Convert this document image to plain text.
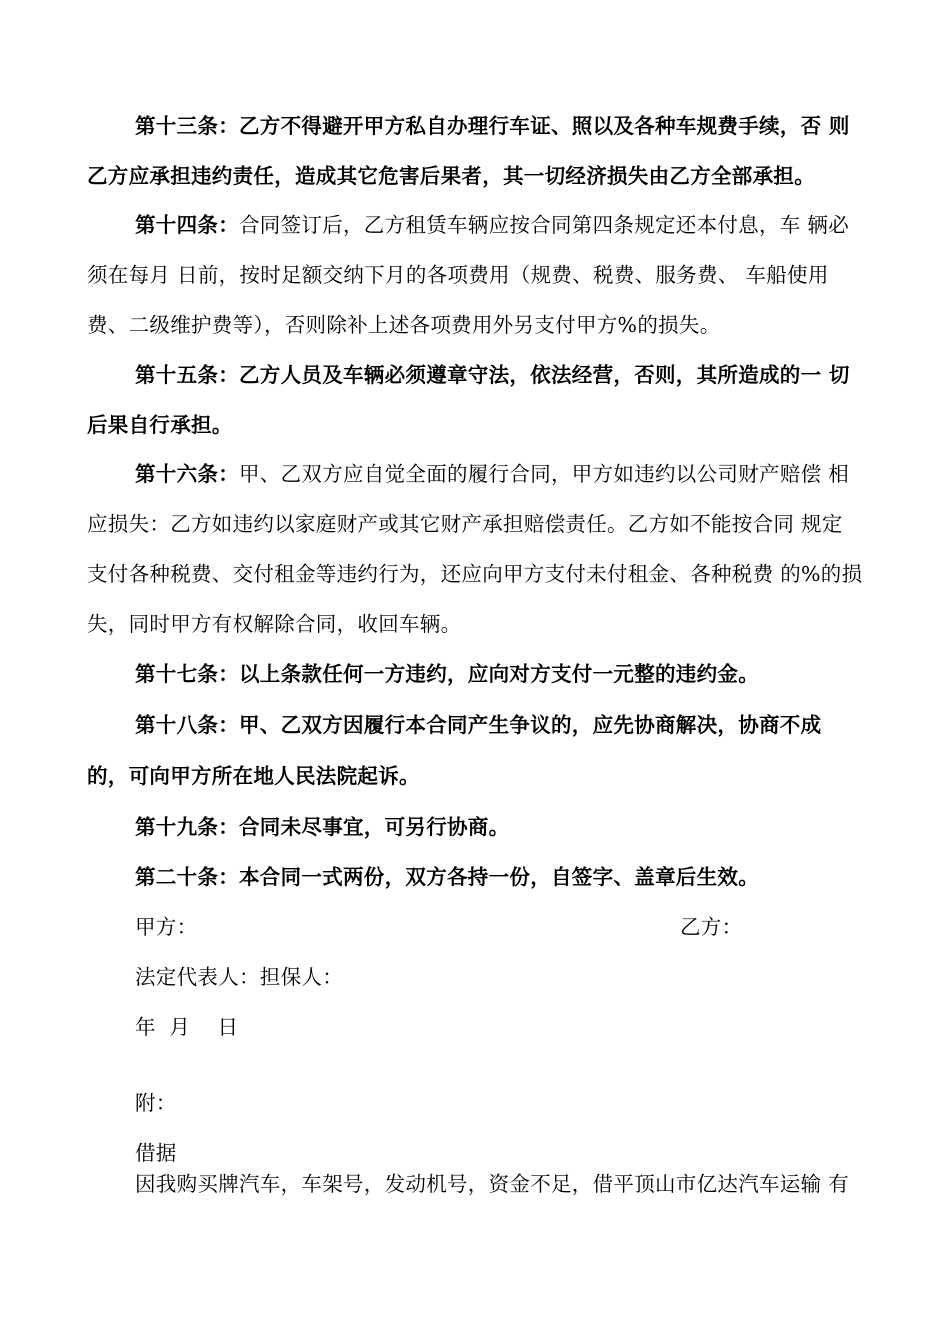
第十三条：乙方不得避开甲方私自办理行车证、照以及各种车规费手续，否 则
乙方应承担违约责任，造成其它危害后果者，其一切经济损失由乙方全部承担。
第十四条：合同签订后，乙方租赁车辆应按合同第四条规定还本付息，车 辆必
须在每月 日前，按时足额交纳下月的各项费用（规费、税费、服务费、 车船使用
费、二级维护费等），否则除补上述各项费用外另支付甲方%的损失。
第十五条：乙方人员及车辆必须遵章守法，依法经营，否则，其所造成的一 切
后果自行承担。
第十六条：甲、乙双方应自觉全面的履行合同，甲方如违约以公司财产赔偿 相
应损失：乙方如违约以家庭财产或其它财产承担赔偿责任。乙方如不能按合同 规定
支付各种税费、交付租金等违约行为，还应向甲方支付未付租金、各种税费 的%的损
失，同时甲方有权解除合同，收回车辆。
第十七条：以上条款任何一方违约，应向对方支付一元整的违约金。
第十八条：甲、乙双方因履行本合同产生争议的，应先协商解决，协商不成
的，可向甲方所在地人民法院起诉。
第十九条：合同未尽事宜，可另行协商。
第二十条：本合同一式两份，双方各持一份，自签字、盖章后生效。
甲方：	乙方：
法定代表人：担保人：
年  月    日
附：
借据
因我购买牌汽车，车架号，发动机号，资金不足，借平顶山市亿达汽车运输 有
